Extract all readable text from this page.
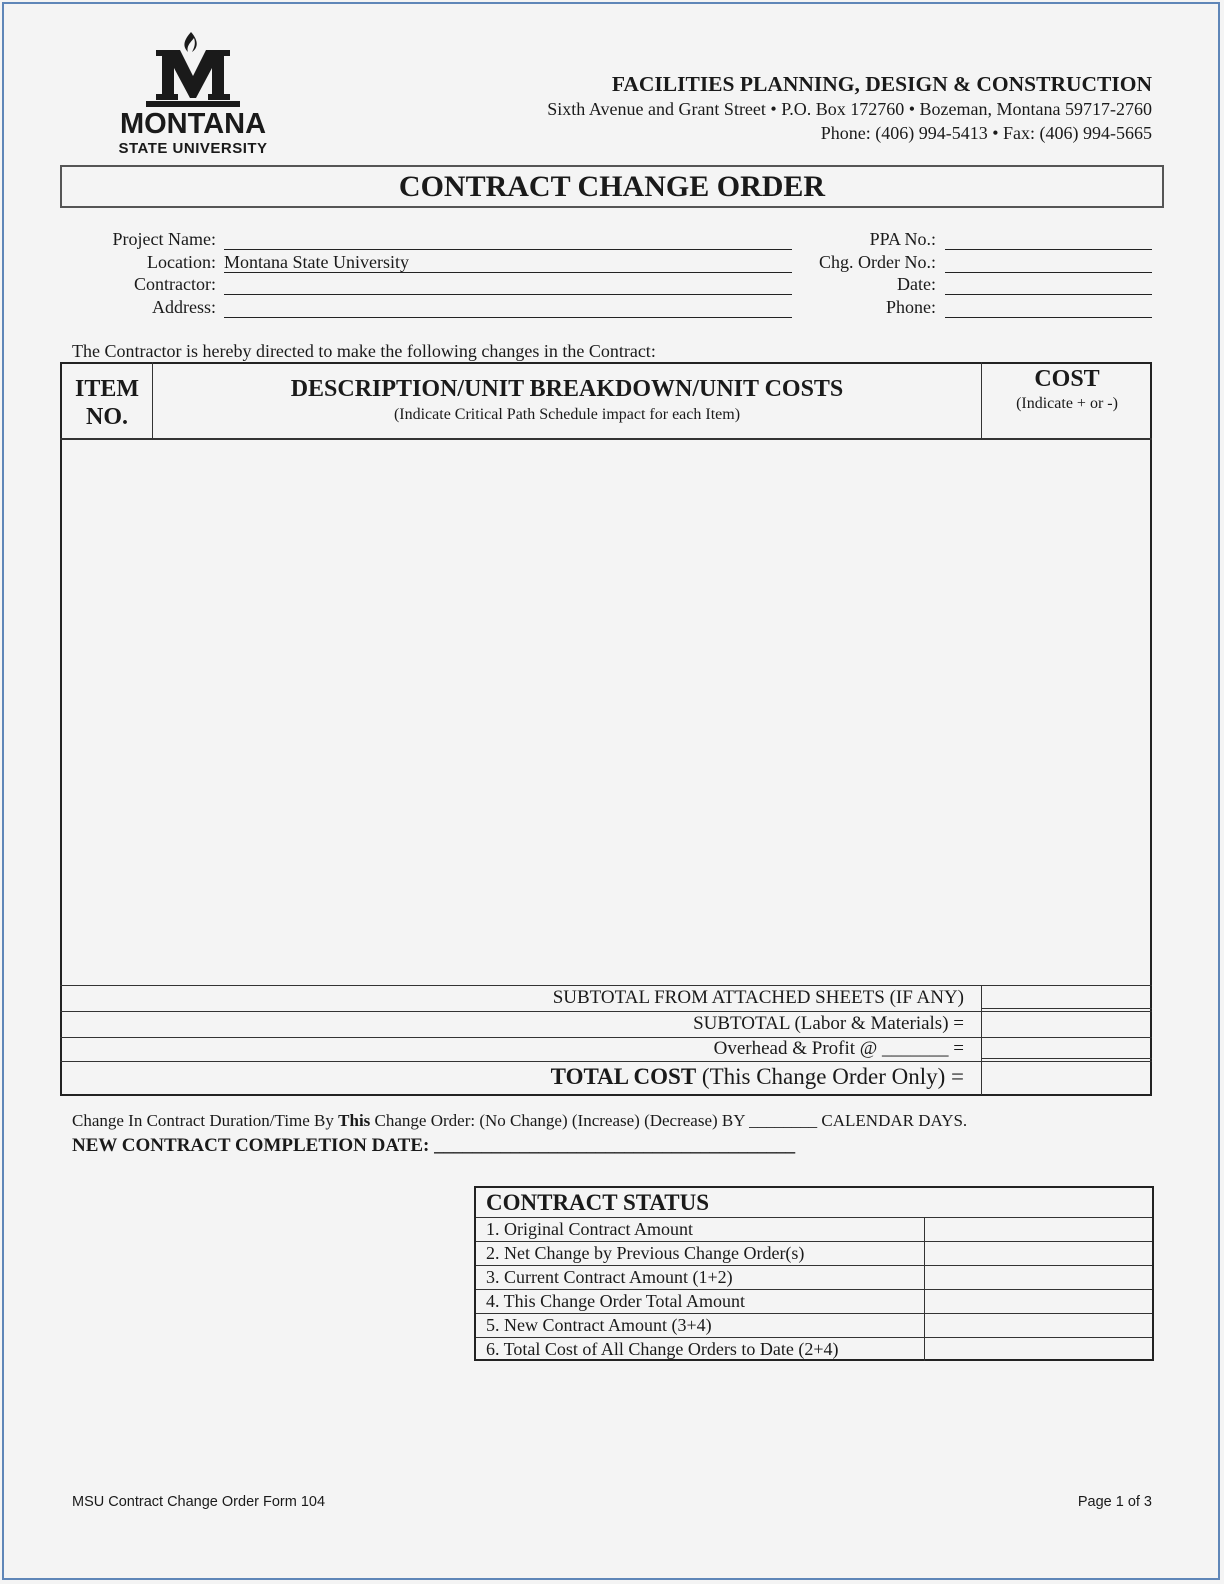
MONTANA
STATE UNIVERSITY
FACILITIES PLANNING, DESIGN & CONSTRUCTION
Sixth Avenue and Grant Street • P.O. Box 172760 • Bozeman, Montana 59717-2760
Phone: (406) 994-5413 • Fax: (406) 994-5665
CONTRACT CHANGE ORDER
Project Name:
Location: Montana State University
Contractor:
Address:
PPA No.:
Chg. Order No.:
Date:
Phone:
The Contractor is hereby directed to make the following changes in the Contract:
ITEM
NO.
DESCRIPTION/UNIT BREAKDOWN/UNIT COSTS
(Indicate Critical Path Schedule impact for each Item)
COST
(Indicate + or -)
SUBTOTAL FROM ATTACHED SHEETS (IF ANY)
SUBTOTAL (Labor & Materials) =
Overhead & Profit @ _______ =
TOTAL COST (This Change Order Only) =
Change In Contract Duration/Time By This Change Order: (No Change) (Increase) (Decrease) BY ________ CALENDAR DAYS.
NEW CONTRACT COMPLETION DATE: ______________________________________
CONTRACT STATUS
1. Original Contract Amount
2. Net Change by Previous Change Order(s)
3. Current Contract Amount (1+2)
4. This Change Order Total Amount
5. New Contract Amount (3+4)
6. Total Cost of All Change Orders to Date (2+4)
MSU Contract Change Order Form 104	Page 1 of 3
